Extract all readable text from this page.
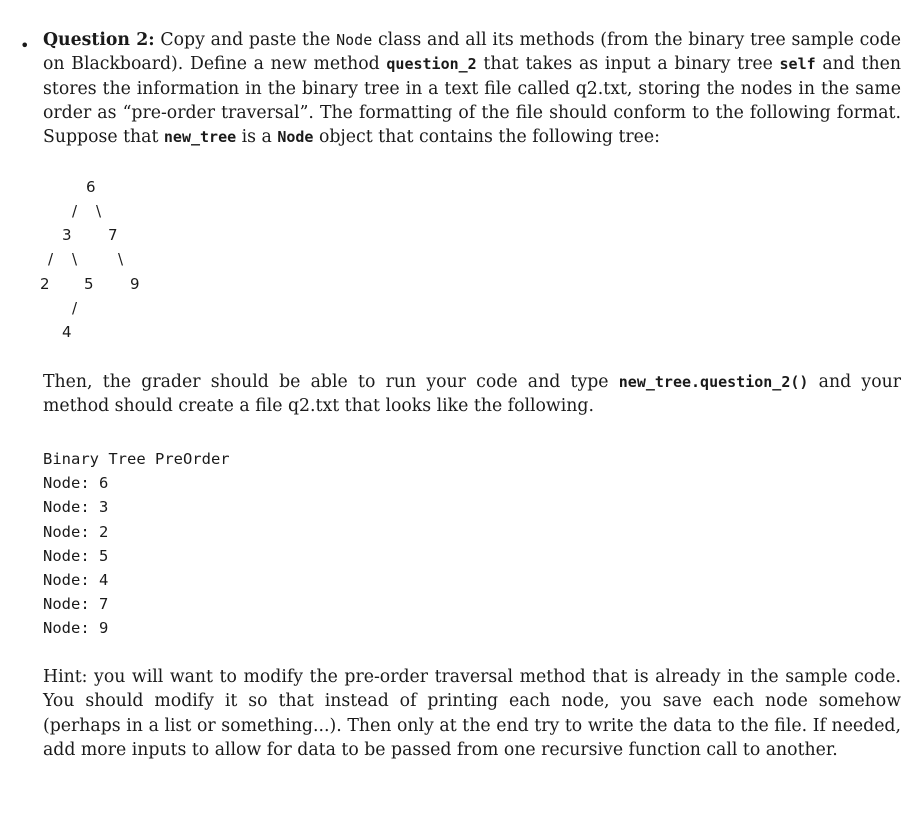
• Question 2: Copy and paste the Node class and all its methods (from the binary tree sample code on Blackboard). Define a new method question_2 that takes as input a binary tree self and then stores the information in the binary tree in a text file called q2.txt, storing the nodes in the same order as “pre-order traversal”. The formatting of the file should conform to the following format. Suppose that new_tree is a Node object that contains the following tree:
6
/ \
3 7
/ \	\
2 5 9
/
4
Then, the grader should be able to run your code and type new_tree.question_2() and your method should create a file q2.txt that looks like the following.
Binary Tree PreOrder
Node: 6
Node: 3
Node: 2
Node: 5
Node: 4
Node: 7
Node: 9
Hint: you will want to modify the pre-order traversal method that is already in the sample code. You should modify it so that instead of printing each node, you save each node somehow (perhaps in a list or something...). Then only at the end try to write the data to the file. If needed, add more inputs to allow for data to be passed from one recursive function call to another.
